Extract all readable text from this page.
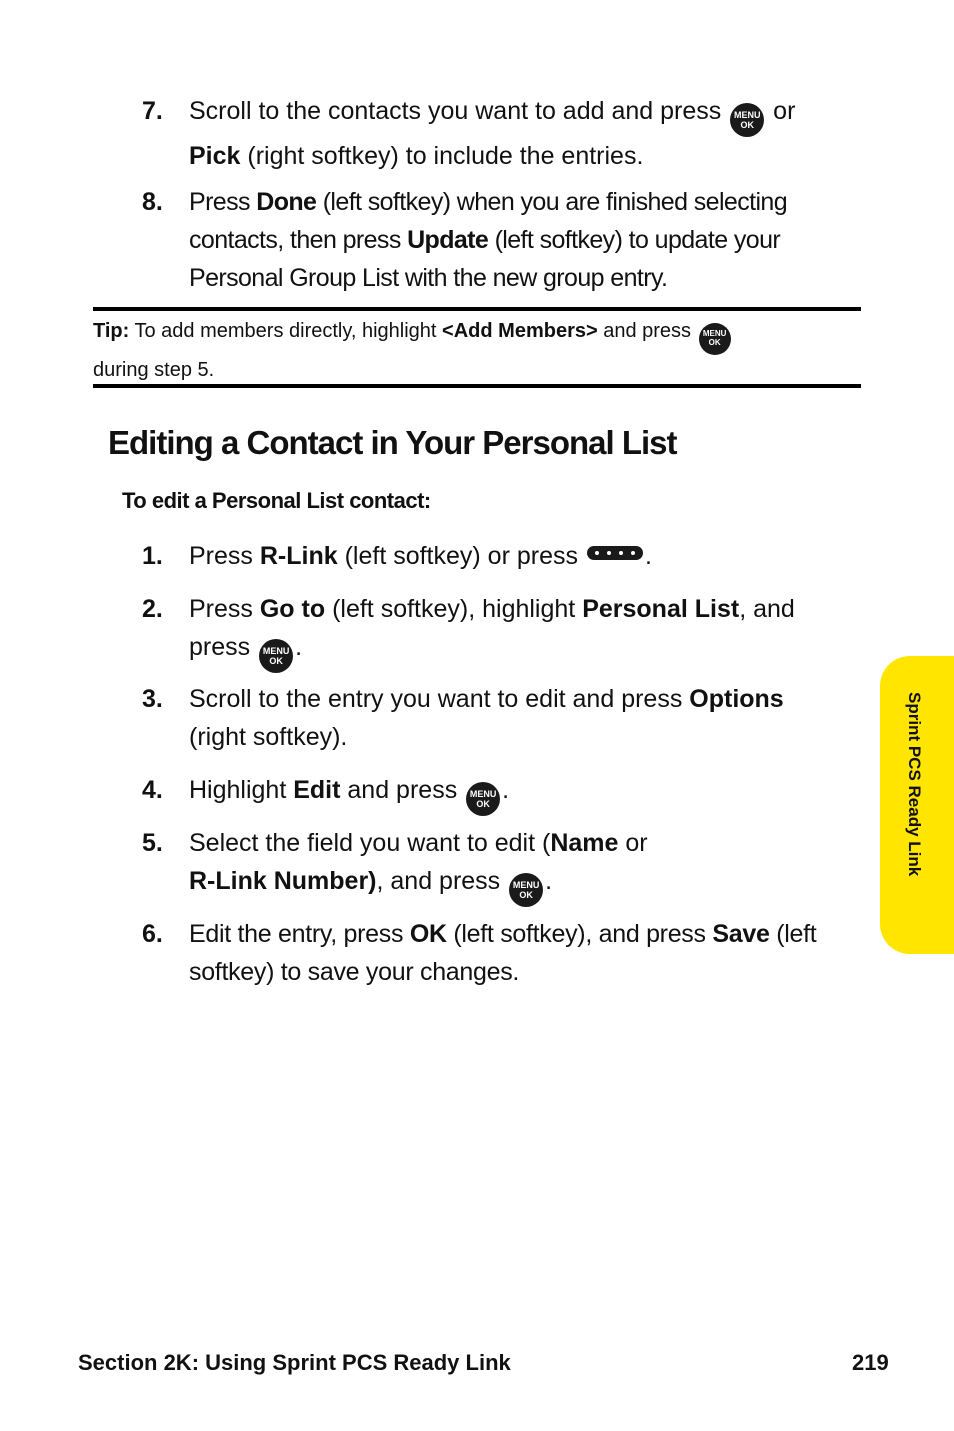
7. Scroll to the contacts you want to add and press MENU
OK or
Pick (right softkey) to include the entries.
8. Press Done (left softkey) when you are finished selecting
contacts, then press Update (left softkey) to update your
Personal Group List with the new group entry.
Tip: To add members directly, highlight <Add Members> and press MENU
OK
during step 5.
Editing a Contact in Your Personal List
To edit a Personal List contact:
1. Press R-Link (left softkey) or press	.
2. Press Go to (left softkey), highlight Personal List, and
press MENU
OK .
3. Scroll to the entry you want to edit and press Options
(right softkey).
4. Highlight Edit and press MENU
OK .
5. Select the field you want to edit (Name or
R-Link Number), and press MENU
OK .
6. Edit the entry, press OK (left softkey), and press Save (left
softkey) to save your changes.
Sprint PCS Ready Link
Section 2K: Using Sprint PCS Ready Link	219
